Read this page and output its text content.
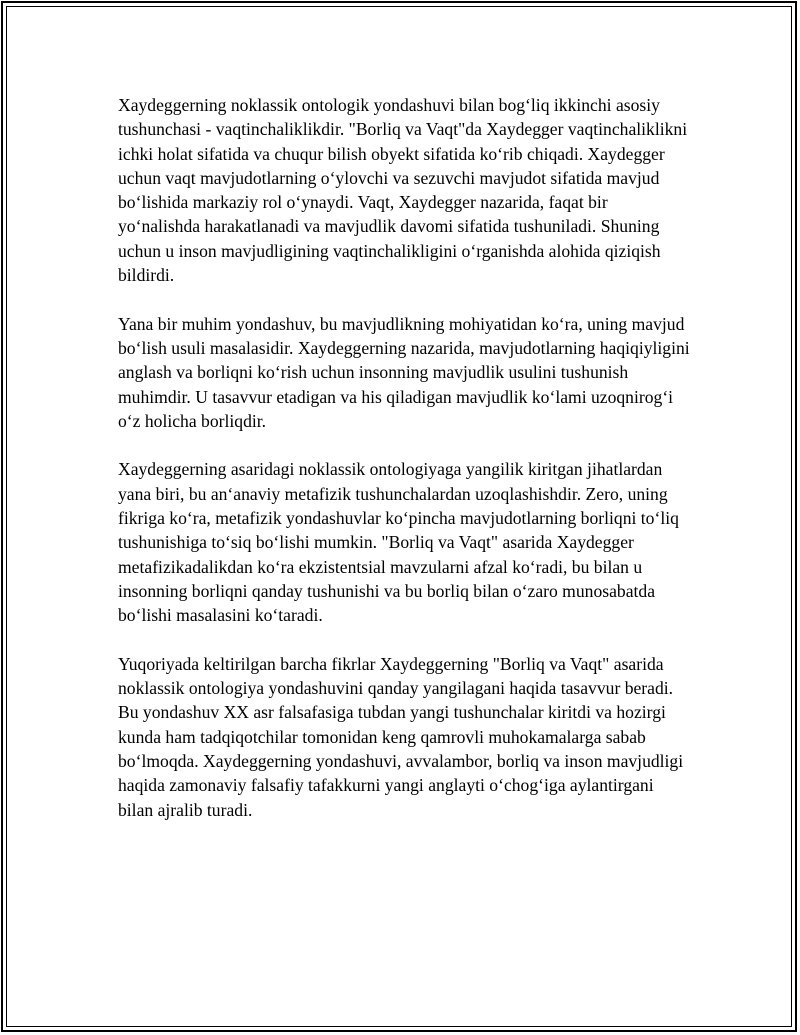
Xaydeggerning noklassik ontologik yondashuvi bilan bog‘liq ikkinchi asosiy tushunchasi - vaqtinchaliklikdir. "Borliq va Vaqt"da Xaydegger vaqtinchaliklikni ichki holat sifatida va chuqur bilish obyekt sifatida ko‘rib chiqadi. Xaydegger uchun vaqt mavjudotlarning o‘ylovchi va sezuvchi mavjudot sifatida mavjud bo‘lishida markaziy rol o‘ynaydi. Vaqt, Xaydegger nazarida, faqat bir yo‘nalishda harakatlanadi va mavjudlik davomi sifatida tushuniladi. Shuning uchun u inson mavjudligining vaqtinchalikligini o‘rganishda alohida qiziqish bildirdi.

Yana bir muhim yondashuv, bu mavjudlikning mohiyatidan ko‘ra, uning mavjud bo‘lish usuli masalasidir. Xaydeggerning nazarida, mavjudotlarning haqiqiyligini anglash va borliqni ko‘rish uchun insonning mavjudlik usulini tushunish muhimdir. U tasavvur etadigan va his qiladigan mavjudlik ko‘lami uzoqnirog‘i o‘z holicha borliqdir.

Xaydeggerning asaridagi noklassik ontologiyaga yangilik kiritgan jihatlardan yana biri, bu an‘anaviy metafizik tushunchalardan uzoqlashishdir. Zero, uning fikriga ko‘ra, metafizik yondashuvlar ko‘pincha mavjudotlarning borliqni to‘liq tushunishiga to‘siq bo‘lishi mumkin. "Borliq va Vaqt" asarida Xaydegger metafizikadalikdan ko‘ra ekzistentsial mavzularni afzal ko‘radi, bu bilan u insonning borliqni qanday tushunishi va bu borliq bilan o‘zaro munosabatda bo‘lishi masalasini ko‘taradi.

Yuqoriyada keltirilgan barcha fikrlar Xaydeggerning "Borliq va Vaqt" asarida noklassik ontologiya yondashuvini qanday yangilagani haqida tasavvur beradi. Bu yondashuv XX asr falsafasiga tubdan yangi tushunchalar kiritdi va hozirgi kunda ham tadqiqotchilar tomonidan keng qamrovli muhokamalarga sabab bo‘lmoqda. Xaydeggerning yondashuvi, avvalambor, borliq va inson mavjudligi haqida zamonaviy falsafiy tafakkurni yangi anglayti o‘chog‘iga aylantirgani bilan ajralib turadi.
